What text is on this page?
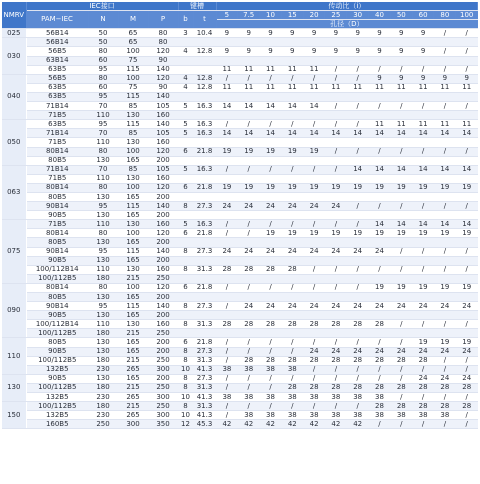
NMRV	IEC接口				键槽		传动比（i）											
	PAM−IEC	N	M	P	b	t	5	7.5	10	15	20	25	30	40	50	60	80	100
							孔径（D）											
025	56B14	50	65	80	3	10.4	9	9	9	9	9	9	9	9	9	9	/	/
030	56B14	50	65	80														
	56B5	80	100	120	4	12.8	9	9	9	9	9	9	9	9	9	9	/	/
	63B14	60	75	90														
	63B5	95	115	140			11	11	11	11	11	/	/	/	/	/	/	/
040	56B5	80	100	120	4	12.8	/	/	/	/	/	/	/	9	9	9	9	9
	63B5	60	75	90	4	12.8	11	11	11	11	11	11	11	11	11	11	11	11
	63B5	95	115	140														
	71B14	70	85	105	5	16.3	14	14	14	14	14	/	/	/	/	/	/	/
	71B5	110	130	160														
050	63B5	95	115	140	5	16.3	/	/	/	/	/	/	/	11	11	11	11	11
	71B14	70	85	105	5	16.3	14	14	14	14	14	14	14	14	14	14	14	14
	71B5	110	130	160														
	80B14	80	100	120	6	21.8	19	19	19	19	19	/	/	/	/	/	/	/
	80B5	130	165	200														
063	71B14	70	85	105	5	16.3	/	/	/	/	/	/	14	14	14	14	14	14
	71B5	110	130	160														
	80B14	80	100	120	6	21.8	19	19	19	19	19	19	19	19	19	19	19	19
	80B5	130	165	200														
	90B14	95	115	140	8	27.3	24	24	24	24	24	24	/	/	/	/	/	/
	90B5	130	165	200														
075	71B5	110	130	160	5	16.3	/	/	/	/	/	/	/	14	14	14	14	14
	80B14	80	100	120	6	21.8	/	/	19	19	19	19	19	19	19	19	19	19
	80B5	130	165	200														
	90B14	95	115	140	8	27.3	24	24	24	24	24	24	24	24	/	/	/	/
	90B5	130	165	200														
	100/112B14	110	130	160	8	31.3	28	28	28	28	/	/	/	/	/	/	/	/
	100/112B5	180	215	250														
090	80B14	80	100	120	6	21.8	/	/	/	/	/	/	/	19	19	19	19	19
	80B5	130	165	200														
	90B14	95	115	140	8	27.3	/	24	24	24	24	24	24	24	24	24	24	24
	90B5	130	165	200														
	100/112B14	110	130	160	8	31.3	28	28	28	28	28	28	28	28	/	/	/	/
	100/112B5	180	215	250														
110	80B5	130	165	200	6	21.8	/	/	/	/	/	/	/	/	/	19	19	19
	90B5	130	165	200	8	27.3	/	/	/	/	24	24	24	24	24	24	24	24
	100/112B5	180	215	250	8	31.3	/	28	28	28	28	28	28	28	28	28	/	/
	132B5	230	265	300	10	41.3	38	38	38	38	/	/	/	/	/	/	/	/
130	90B5	130	165	200	8	27.3	/	/	/	/	/	/	/	/	/	24	24	24
	100/112B5	180	215	250	8	31.3	/	/	/	28	28	28	28	28	28	28	28	28
	132B5	230	265	300	10	41.3	38	38	38	38	38	38	38	38	/	/	/	/
150	100/112B5	180	215	250	8	31.3	/	/	/	/	/	/	/	28	28	28	28	28
	132B5	230	265	300	10	41.3	/	38	38	38	38	38	38	38	38	38	38	/
	160B5	250	300	350	12	45.3	42	42	42	42	42	42	42	/	/	/	/	/
